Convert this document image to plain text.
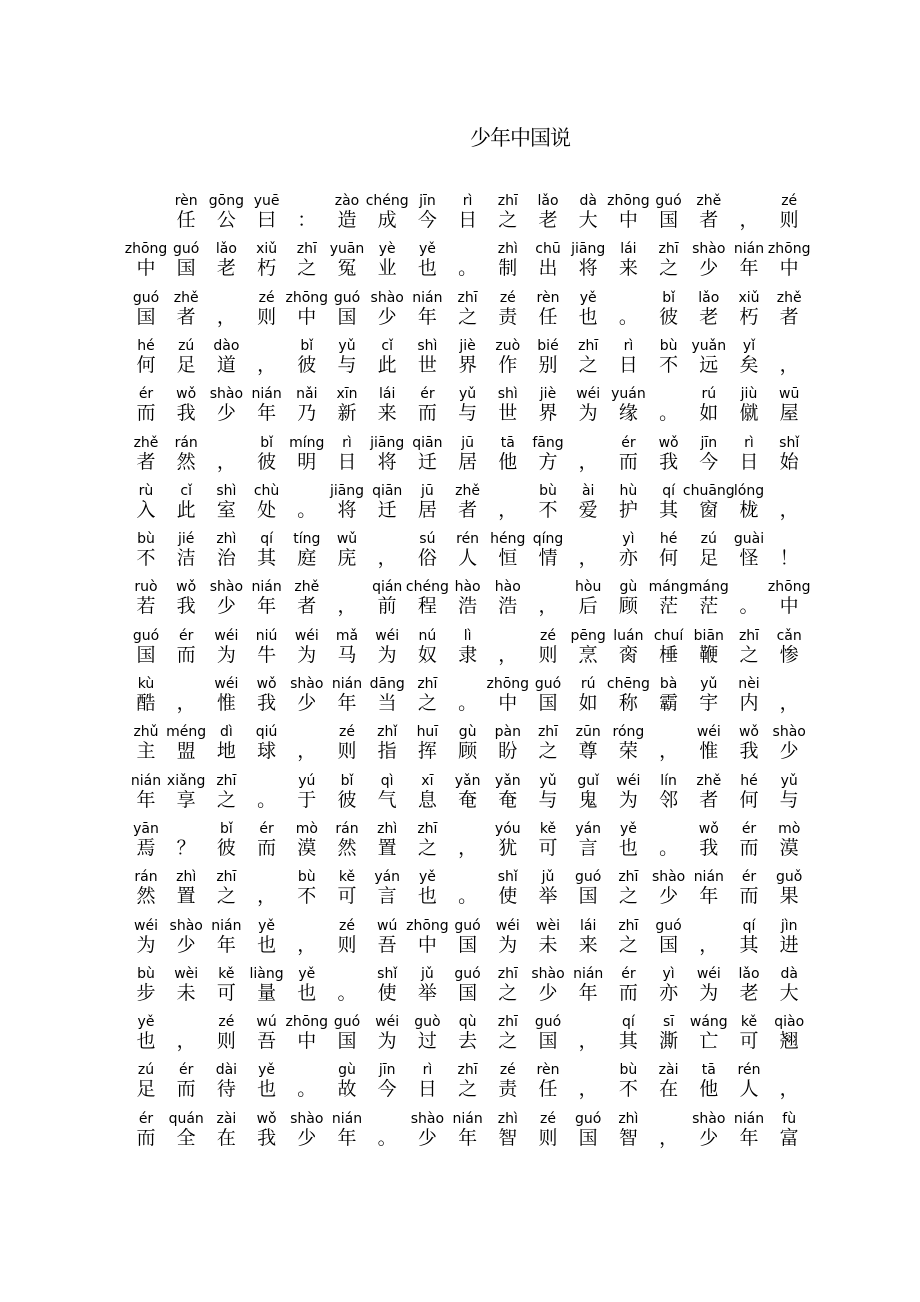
少年中国说
rèn
任
gōng
公
yuē
曰	：
zào
造
chéng
成
jīn
今
rì
日
zhī
之
lǎo
老
dà
大
zhōng
中
guó
国
zhě
者	，
zé
则
zhōng
中
guó
国
lǎo
老
xiǔ
朽
zhī
之
yuān
冤
yè
业
yě
也	。
zhì
制
chū
出
jiāng
将
lái
来
zhī
之
shào
少
nián
年
zhōng
中
guó
国
zhě
者	，
zé
则
zhōng
中
guó
国
shào
少
nián
年
zhī
之
zé
责
rèn
任
yě
也	。
bǐ
彼
lǎo
老
xiǔ
朽
zhě
者
hé
何
zú
足
dào
道	，
bǐ
彼
yǔ
与
cǐ
此
shì
世
jiè
界
zuò
作
bié
别
zhī
之
rì
日
bù
不
yuǎn
远
yǐ
矣	，
ér
而
wǒ
我
shào
少
nián
年
nǎi
乃
xīn
新
lái
来
ér
而
yǔ
与
shì
世
jiè
界
wéi
为
yuán
缘	。
rú
如
jiù
僦
wū
屋
zhě
者
rán
然	，
bǐ
彼
míng
明
rì
日
jiāng
将
qiān
迁
jū
居
tā
他
fāng
方	，
ér
而
wǒ
我
jīn
今
rì
日
shǐ
始
rù
入
cǐ
此
shì
室
chù
处	。
jiāng
将
qiān
迁
jū
居
zhě
者	，
bù
不
ài
爱
hù
护
qí
其
chuāng
窗
lóng
栊	，
bù
不
jié
洁
zhì
治
qí
其
tíng
庭
wǔ
庑	，
sú
俗
rén
人
héng
恒
qíng
情	，
yì
亦
hé
何
zú
足
guài
怪	！
ruò
若
wǒ
我
shào
少
nián
年
zhě
者	，
qián
前
chéng
程
hào
浩
hào
浩	，
hòu
后
gù
顾
máng
茫
máng
茫	。
zhōng
中
guó
国
ér
而
wéi
为
niú
牛
wéi
为
mǎ
马
wéi
为
nú
奴
lì
隶	，
zé
则
pēng
烹
luán
脔
chuí
棰
biān
鞭
zhī
之
cǎn
惨
kù
酷	，
wéi
惟
wǒ
我
shào
少
nián
年
dāng
当
zhī
之	。
zhōng
中
guó
国
rú
如
chēng
称
bà
霸
yǔ
宇
nèi
内	，
zhǔ
主
méng
盟
dì
地
qiú
球	，
zé
则
zhǐ
指
huī
挥
gù
顾
pàn
盼
zhī
之
zūn
尊
róng
荣	，
wéi
惟
wǒ
我
shào
少
nián
年
xiǎng
享
zhī
之	。
yú
于
bǐ
彼
qì
气
xī
息
yǎn
奄
yǎn
奄
yǔ
与
guǐ
鬼
wéi
为
lín
邻
zhě
者
hé
何
yǔ
与
yān
焉	？
bǐ
彼
ér
而
mò
漠
rán
然
zhì
置
zhī
之	，
yóu
犹
kě
可
yán
言
yě
也	。
wǒ
我
ér
而
mò
漠
rán
然
zhì
置
zhī
之	，
bù
不
kě
可
yán
言
yě
也	。
shǐ
使
jǔ
举
guó
国
zhī
之
shào
少
nián
年
ér
而
guǒ
果
wéi
为
shào
少
nián
年
yě
也	，
zé
则
wú
吾
zhōng
中
guó
国
wéi
为
wèi
未
lái
来
zhī
之
guó
国	，
qí
其
jìn
进
bù
步
wèi
未
kě
可
liàng
量
yě
也	。
shǐ
使
jǔ
举
guó
国
zhī
之
shào
少
nián
年
ér
而
yì
亦
wéi
为
lǎo
老
dà
大
yě
也	，
zé
则
wú
吾
zhōng
中
guó
国
wéi
为
guò
过
qù
去
zhī
之
guó
国	，
qí
其
sī
澌
wáng
亡
kě
可
qiào
翘
zú
足
ér
而
dài
待
yě
也	。
gù
故
jīn
今
rì
日
zhī
之
zé
责
rèn
任	，
bù
不
zài
在
tā
他
rén
人	，
ér
而
quán
全
zài
在
wǒ
我
shào
少
nián
年	。
shào
少
nián
年
zhì
智
zé
则
guó
国
zhì
智	，
shào
少
nián
年
fù
富
